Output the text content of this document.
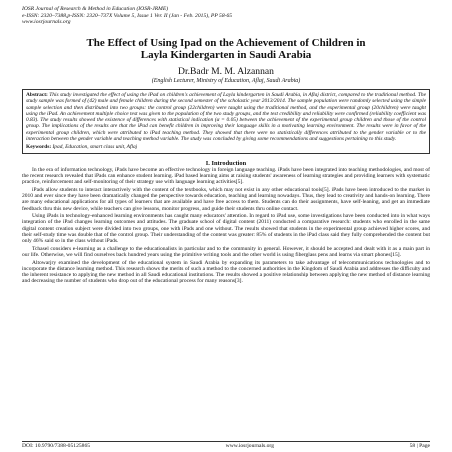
IOSR Journal of Research & Method in Education (IOSR-JRME)
e-ISSN: 2320–7388,p-ISSN: 2320–737X Volume 5, Issue 1 Ver. II (Jan - Feb. 2015), PP 58-65
www.iosrjournals.org
The Effect of Using Ipad on the Achievement of Children in
Layla Kindergarten in Saudi Arabia
Dr.Badr M. M. Alzannan
(English Lecturer, Ministry of Education, Aflaj, Saudi Arabia)
Abstract: This study investigated the effect of using the iPad on children's achievement of Layla kindergarten in Saudi Arabia, in Aflaj district, compared to the traditional method. The study sample was formed of (42) male and female children during the second semester of the scholastic year 2013/2014. The sample population were randomly selected using the simple sample selection and then distributed into two groups: the control group (22children) were taught using the traditional method, and the experimental group (20children) were taught using the iPad. An achievement multiple choice test was given to the population of the two study groups, and the test credibility and reliability were confirmed (reliability coefficient was 0.83). The study results showed the existence of differences with statistical indication (α = 0.05) between the achievement of the experimental group children and those of the control group. The implications of the results are that the iPad can benefit children in improving their language skills in a motivating learning environment. The results were in favor of the experimental group children, which were attributed to iPad teaching method. They showed that there were no statistically differences attributed to the gender variable or to the interaction between the gender variable and teaching method variable. The study was concluded by giving some recommendations and suggestions pertaining to this study.
Keywords: Ipad, Education, smart class unit, Aflaj
I. Introduction

In the era of information technology, iPads have become an effective technology in foreign language teaching. iPads have been integrated into teaching methodologies, and most of the recent research revealed that iPads can enhance student learning. iPad based learning aims at raising students' awareness of learning strategies and providing learners with systematic practice, reinforcement and self-monitoring of their strategy use with language learning activities[5].

iPads allow students to interact interactively with the content of the textbooks, which may not exist in any other educational tools[5]. iPads have been introduced to the market in 2010 and ever since they have been dramatically changed the perspective towards education, teaching and learning nowadays. Thus, they lead to creativity and hands-on learning. There are many educational applications for all types of learners that are available and have free access to them. Students can do their assignments, have self-leaning, and get an immediate feedback thru this new device, while teachers can give lessons, monitor progress, and guide their students thru online contact.

Using iPads in technology-enhanced learning environments has caught many educators' attention. In regard to iPad use, some investigations have been conducted into in what ways integration of the iPad changes learning outcomes and attitudes. The graduate school of digital content (2011) conducted a comparative research: students who enrolled in the same digital content creation subject were divided into two groups, one with iPads and one without. The results showed that students in the experimental group achieved higher scores, and their self-study time was double that of the control group. Their understanding of the content was greater: 85% of students in the iPad class said they fully comprehended the content but only 46% said so in the class without iPads.

Tchasel considers e-learning as a challenge to the educationalists in particular and to the community in general. However, it should be accepted and dealt with it as a main part in our life. Otherwise, we will find ourselves back hundred years using the primitive writing tools and the other world is using fiberglass pens and learns via smart phones[15].

Altowarjry examined the development of the educational system in Saudi Arabia by expanding its parameters to take advantage of telecommunications technologies and to incorporate the distance learning method. This research shows the merits of such a method to the concerned authorities in the Kingdom of Saudi Arabia and addresses the difficulty and the inherent resistance to applying the new method in all Saudi educational institutions. The results showed a positive relationship between applying the new method of distance learning and decreasing the number of students who drop out of the educational process for many reasons[3].

DOI: 10.9790/7388-05125865	www.iosrjournals.org	58 | Page
